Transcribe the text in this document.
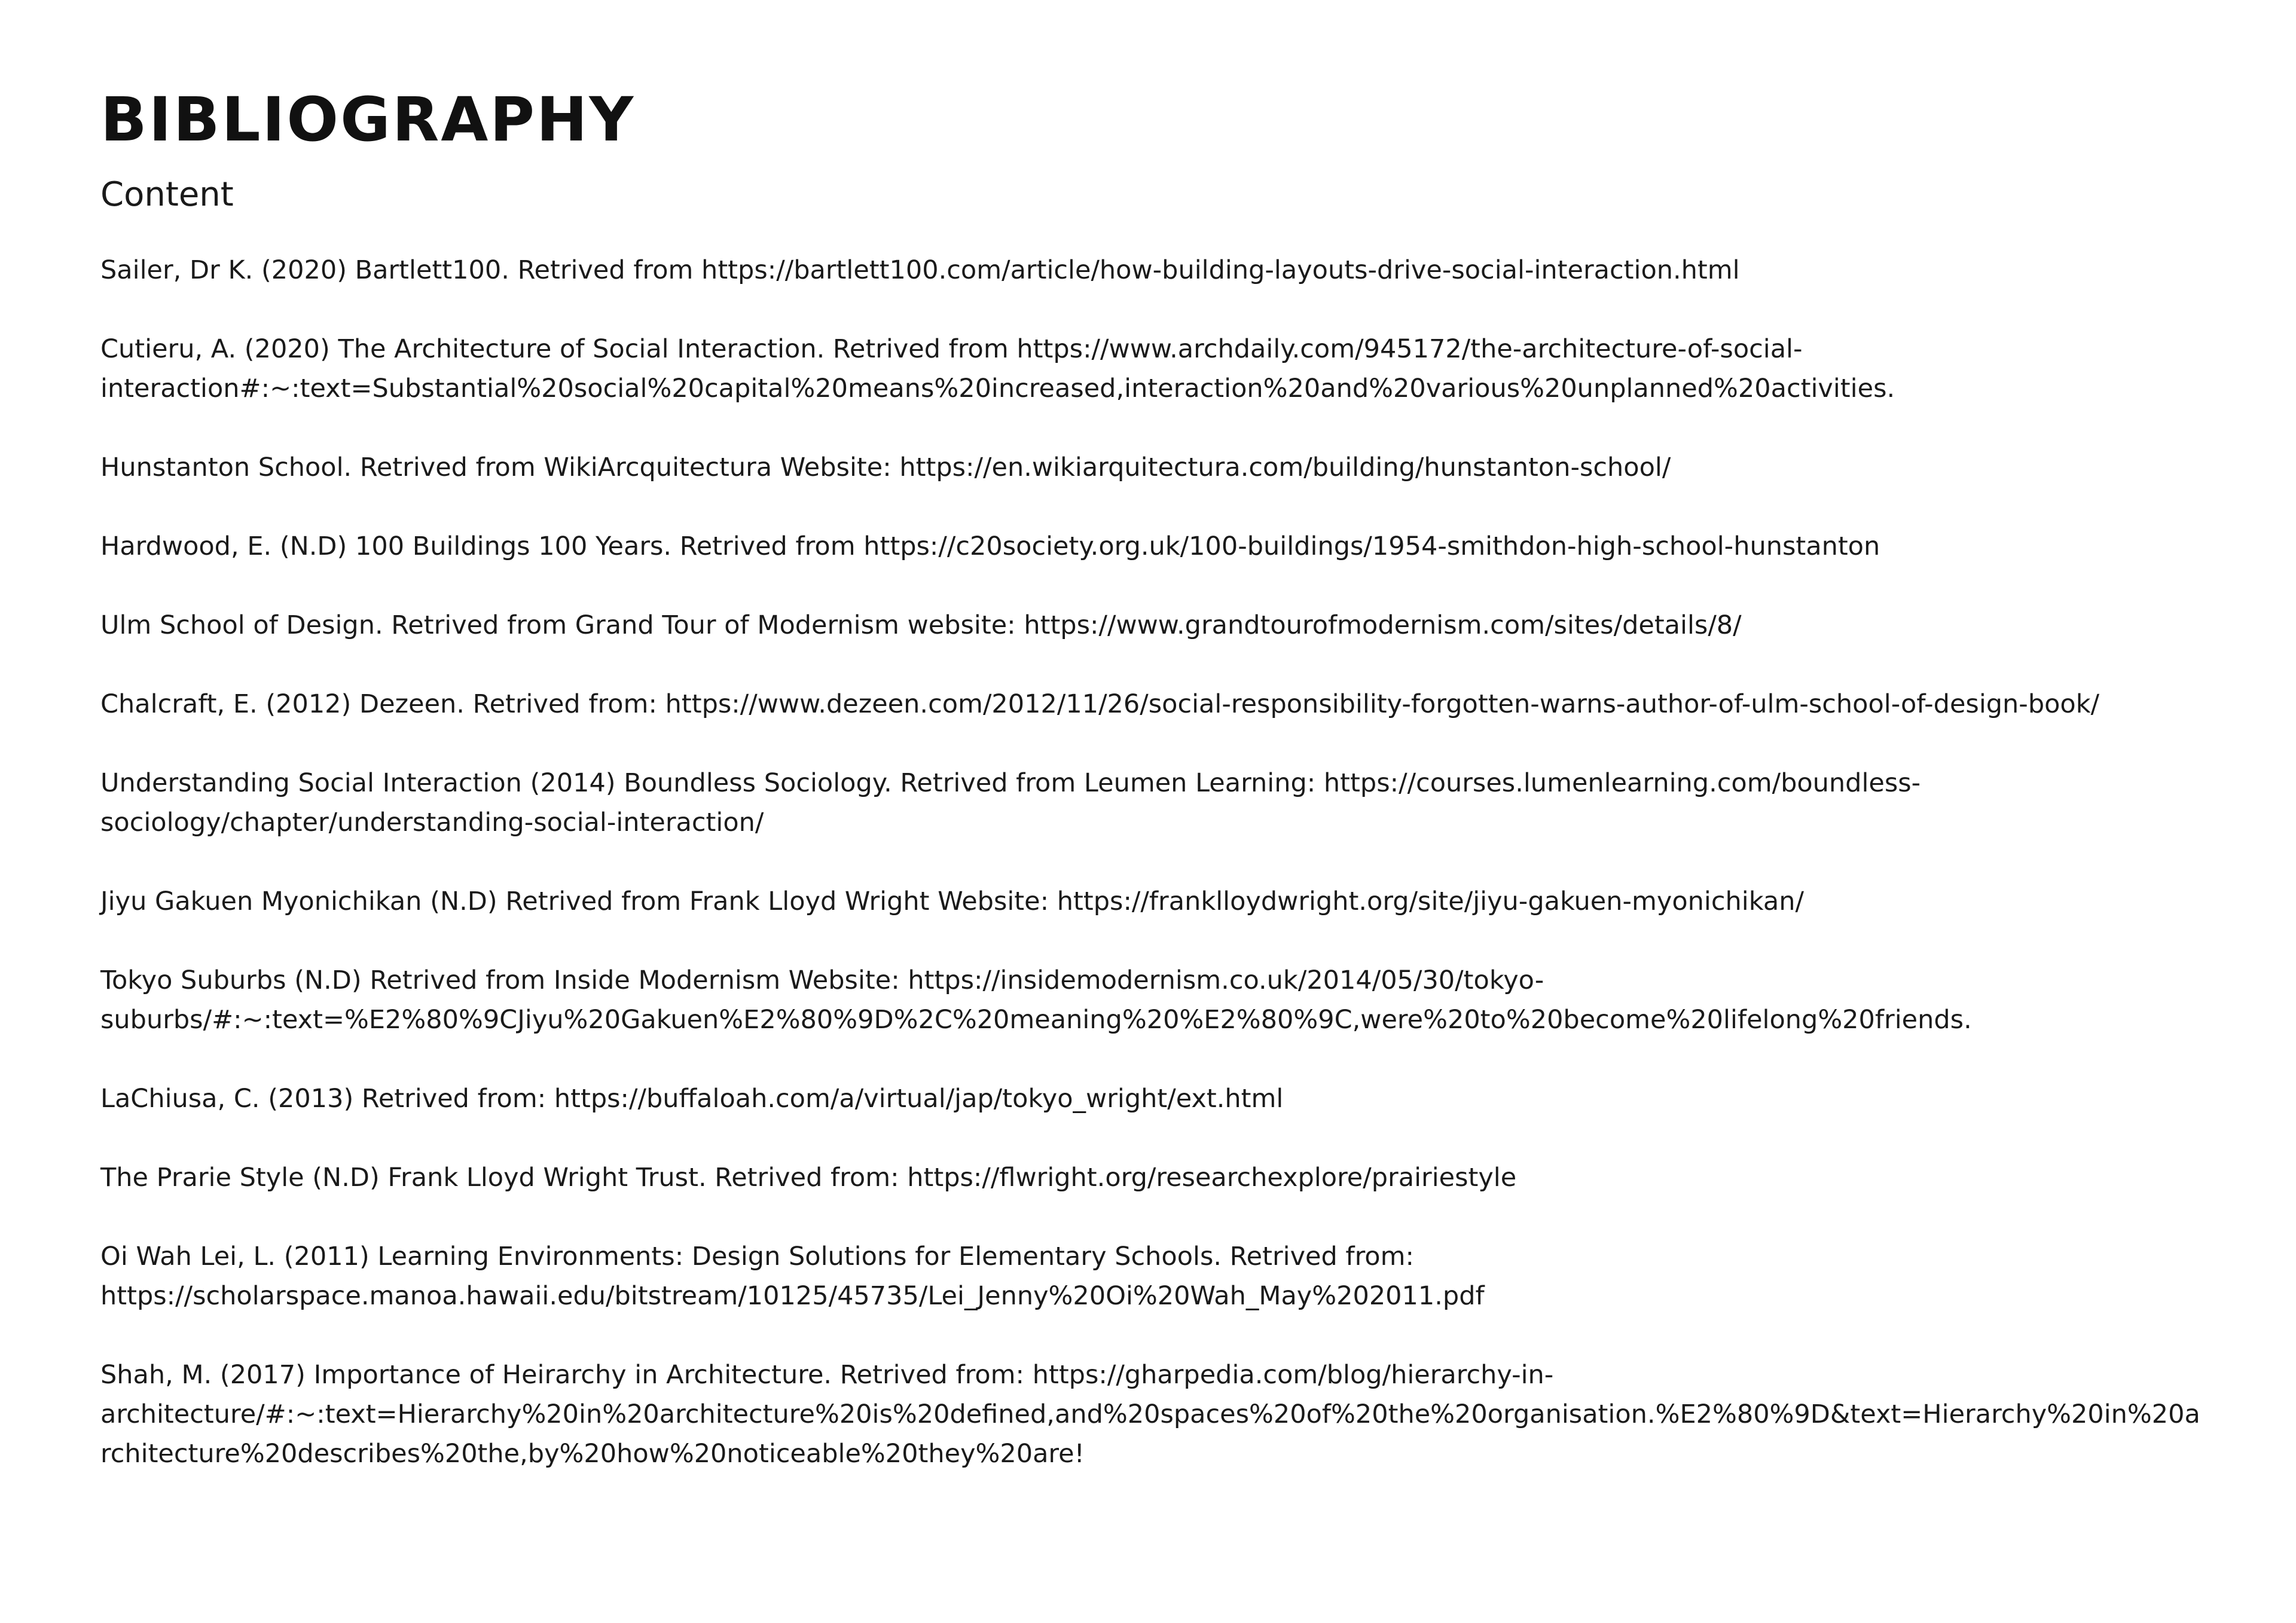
BIBLIOGRAPHY
Content
Sailer, Dr K. (2020) Bartlett100. Retrived from https://bartlett100.com/article/how-building-layouts-drive-social-interaction.html
Cutieru, A. (2020) The Architecture of Social Interaction. Retrived from https://www.archdaily.com/945172/the-architecture-of-social-interaction#:~:text=Substantial%20social%20capital%20means%20increased,interaction%20and%20various%20unplanned%20activities.
Hunstanton School. Retrived from WikiArcquitectura Website: https://en.wikiarquitectura.com/building/hunstanton-school/
Hardwood, E. (N.D) 100 Buildings 100 Years. Retrived from https://c20society.org.uk/100-buildings/1954-smithdon-high-school-hunstanton
Ulm School of Design. Retrived from Grand Tour of Modernism website: https://www.grandtourofmodernism.com/sites/details/8/
Chalcraft, E. (2012) Dezeen. Retrived from: https://www.dezeen.com/2012/11/26/social-responsibility-forgotten-warns-author-of-ulm-school-of-design-book/
Understanding Social Interaction (2014) Boundless Sociology. Retrived from Leumen Learning: https://courses.lumenlearning.com/boundless-sociology/chapter/understanding-social-interaction/
Jiyu Gakuen Myonichikan (N.D) Retrived from Frank Lloyd Wright Website: https://franklloydwright.org/site/jiyu-gakuen-myonichikan/
Tokyo Suburbs (N.D) Retrived from Inside Modernism Website: https://insidemodernism.co.uk/2014/05/30/tokyo-suburbs/#:~:text=%E2%80%9CJiyu%20Gakuen%E2%80%9D%2C%20meaning%20%E2%80%9C,were%20to%20become%20lifelong%20friends.
LaChiusa, C. (2013) Retrived from: https://buffaloah.com/a/virtual/jap/tokyo_wright/ext.html
The Prarie Style (N.D) Frank Lloyd Wright Trust. Retrived from: https://flwright.org/researchexplore/prairiestyle
Oi Wah Lei, L. (2011) Learning Environments: Design Solutions for Elementary Schools. Retrived from: https://scholarspace.manoa.hawaii.edu/bitstream/10125/45735/Lei_Jenny%20Oi%20Wah_May%202011.pdf
Shah, M. (2017) Importance of Heirarchy in Architecture. Retrived from: https://gharpedia.com/blog/hierarchy-in-architecture/#:~:text=Hierarchy%20in%20architecture%20is%20defined,and%20spaces%20of%20the%20organisation.%E2%80%9D&text=Hierarchy%20in%20architecture%20describes%20the,by%20how%20noticeable%20they%20are!
